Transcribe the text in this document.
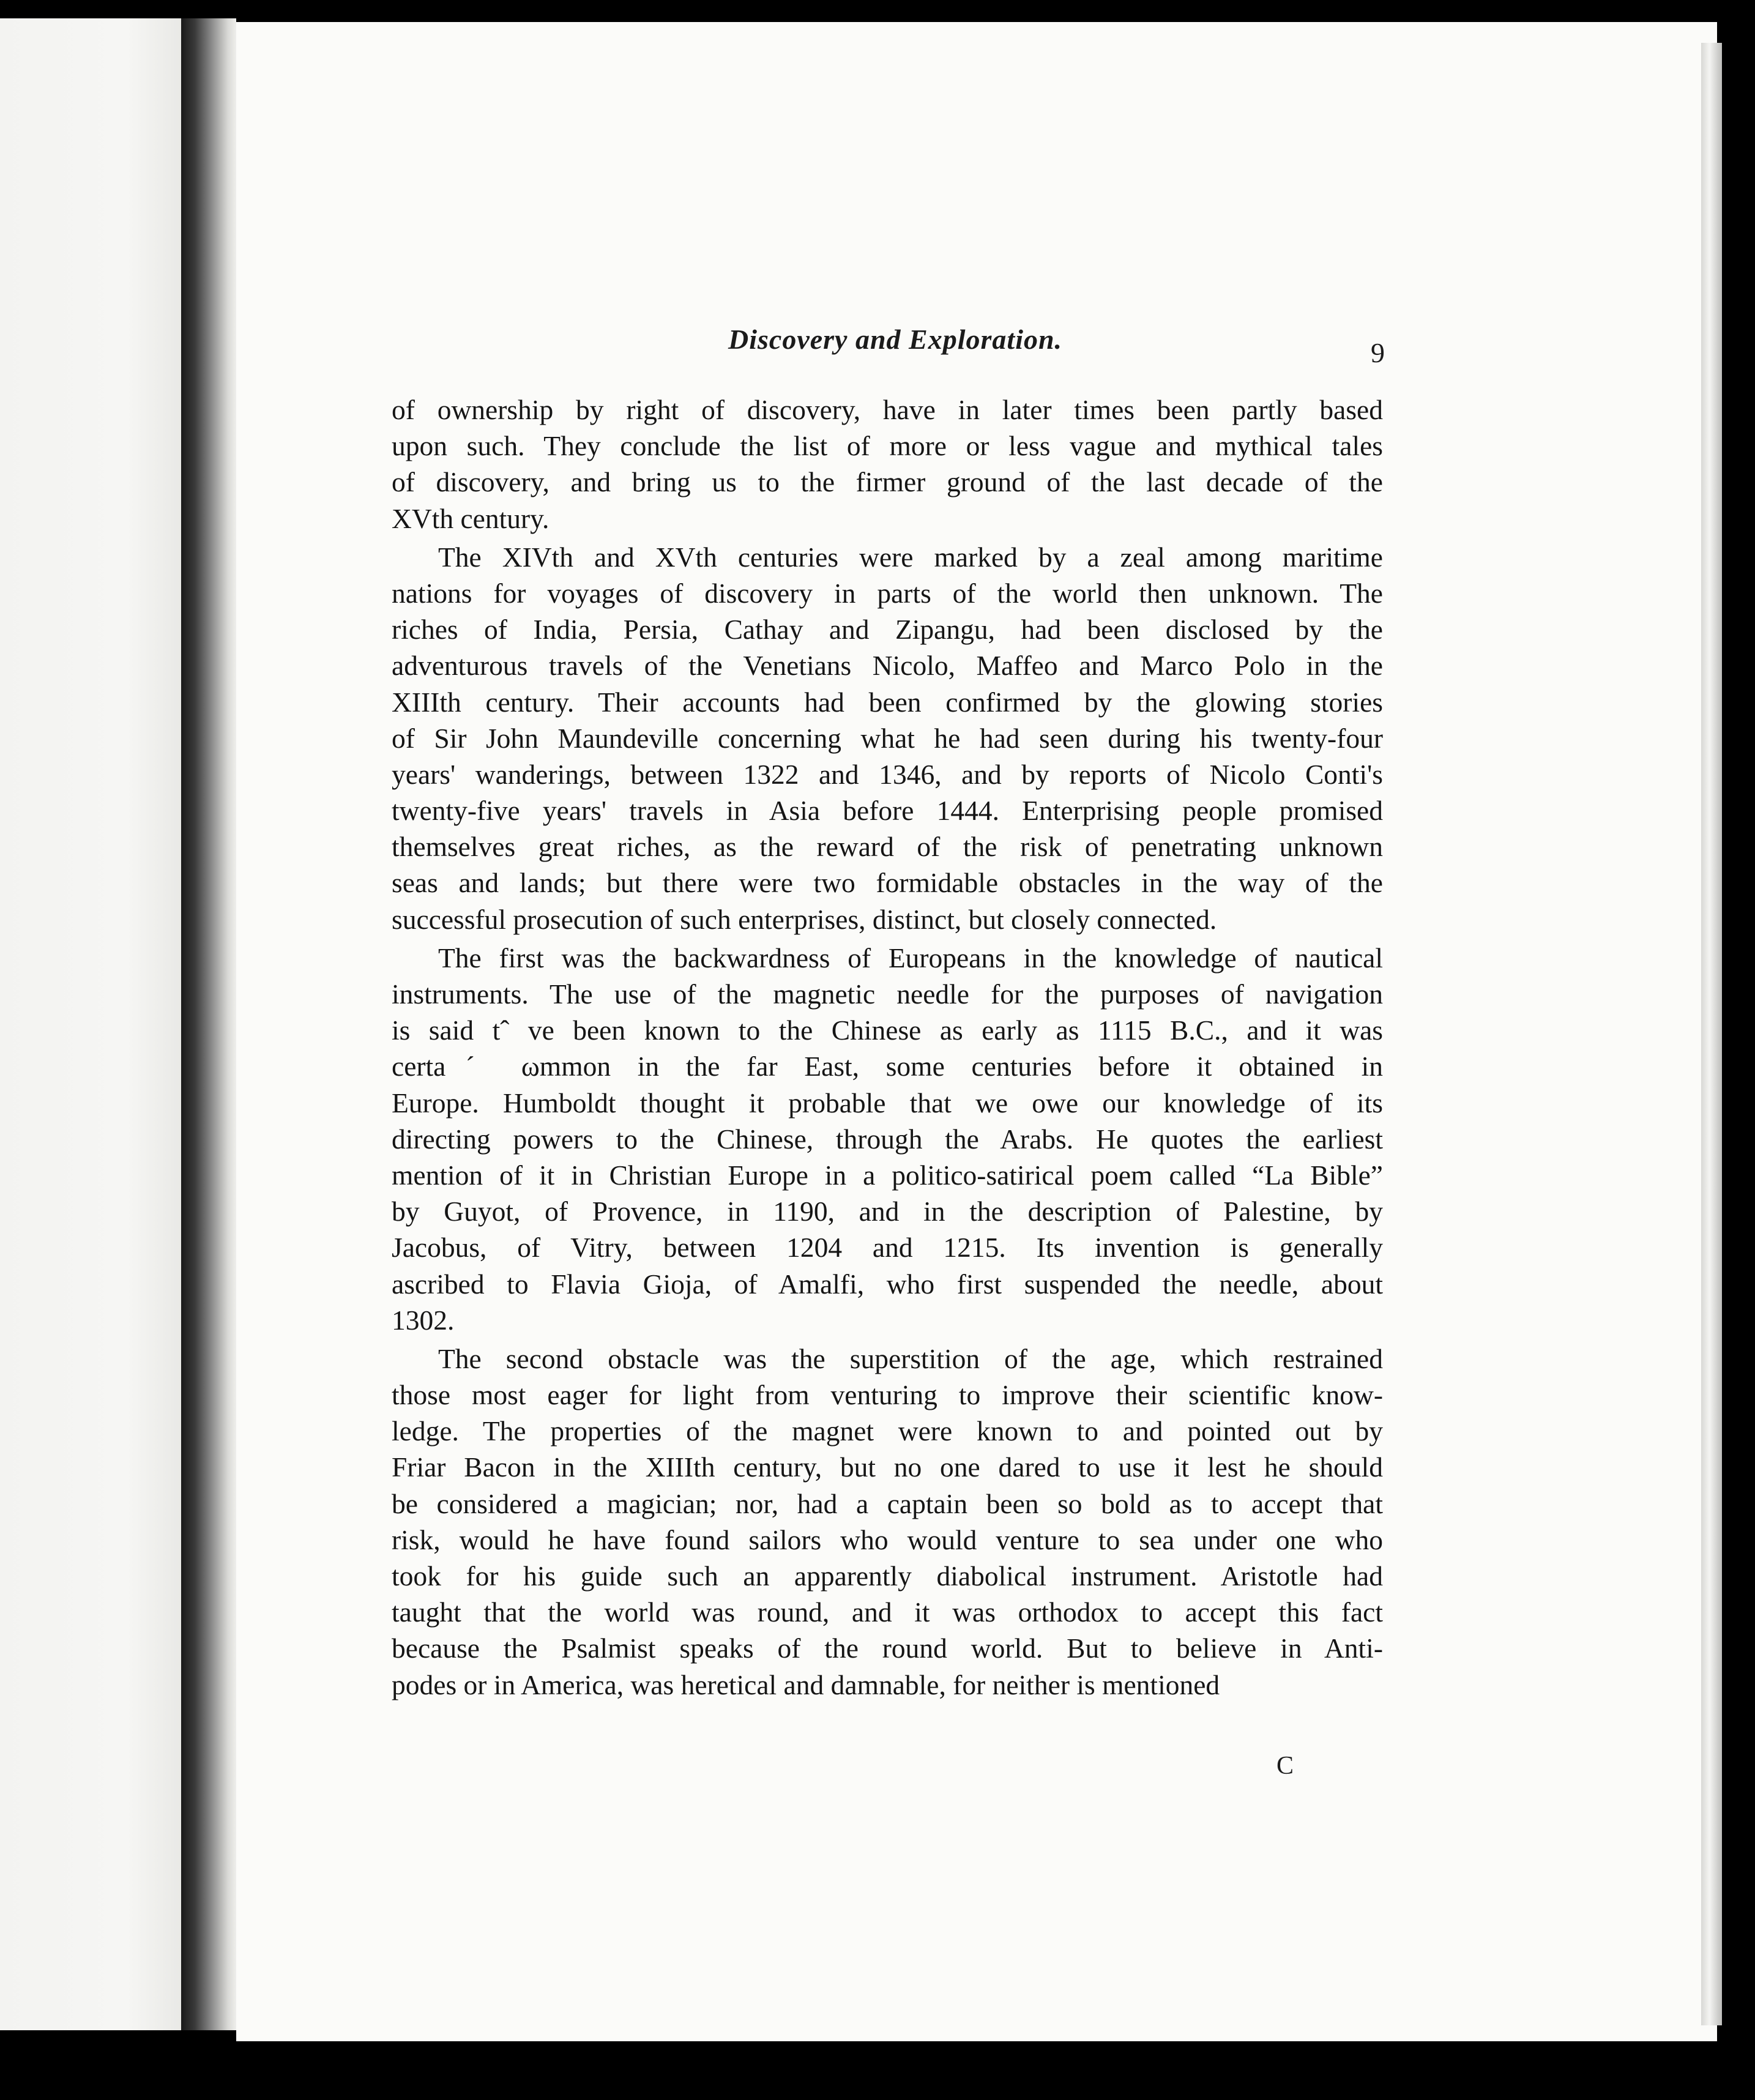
Discovery and Exploration.	9
of ownership by right of discovery, have in later times been partly based
upon such. They conclude the list of more or less vague and mythical tales
of discovery, and bring us to the firmer ground of the last decade of the
XVth century.
The XIVth and XVth centuries were marked by a zeal among maritime
nations for voyages of discovery in parts of the world then unknown. The
riches of India, Persia, Cathay and Zipangu, had been disclosed by the
adventurous travels of the Venetians Nicolo, Maffeo and Marco Polo in the
XIIIth century. Their accounts had been confirmed by the glowing stories
of Sir John Maundeville concerning what he had seen during his twenty-four
years' wanderings, between 1322 and 1346, and by reports of Nicolo Conti's
twenty-five years' travels in Asia before 1444. Enterprising people promised
themselves great riches, as the reward of the risk of penetrating unknown
seas and lands; but there were two formidable obstacles in the way of the
successful prosecution of such enterprises, distinct, but closely connected.
The first was the backwardness of Europeans in the knowledge of nautical
instruments. The use of the magnetic needle for the purposes of navigation
is said tˆ ve been known to the Chinese as early as 1115 B.C., and it was
certaˊ ωmmon in the far East, some centuries before it obtained in
Europe. Humboldt thought it probable that we owe our knowledge of its
directing powers to the Chinese, through the Arabs. He quotes the earliest
mention of it in Christian Europe in a politico-satirical poem called “La Bible”
by Guyot, of Provence, in 1190, and in the description of Palestine, by
Jacobus, of Vitry, between 1204 and 1215. Its invention is generally
ascribed to Flavia Gioja, of Amalfi, who first suspended the needle, about
1302.
The second obstacle was the superstition of the age, which restrained
those most eager for light from venturing to improve their scientific know-
ledge. The properties of the magnet were known to and pointed out by
Friar Bacon in the XIIIth century, but no one dared to use it lest he should
be considered a magician; nor, had a captain been so bold as to accept that
risk, would he have found sailors who would venture to sea under one who
took for his guide such an apparently diabolical instrument. Aristotle had
taught that the world was round, and it was orthodox to accept this fact
because the Psalmist speaks of the round world. But to believe in Anti-
podes or in America, was heretical and damnable, for neither is mentioned
C
